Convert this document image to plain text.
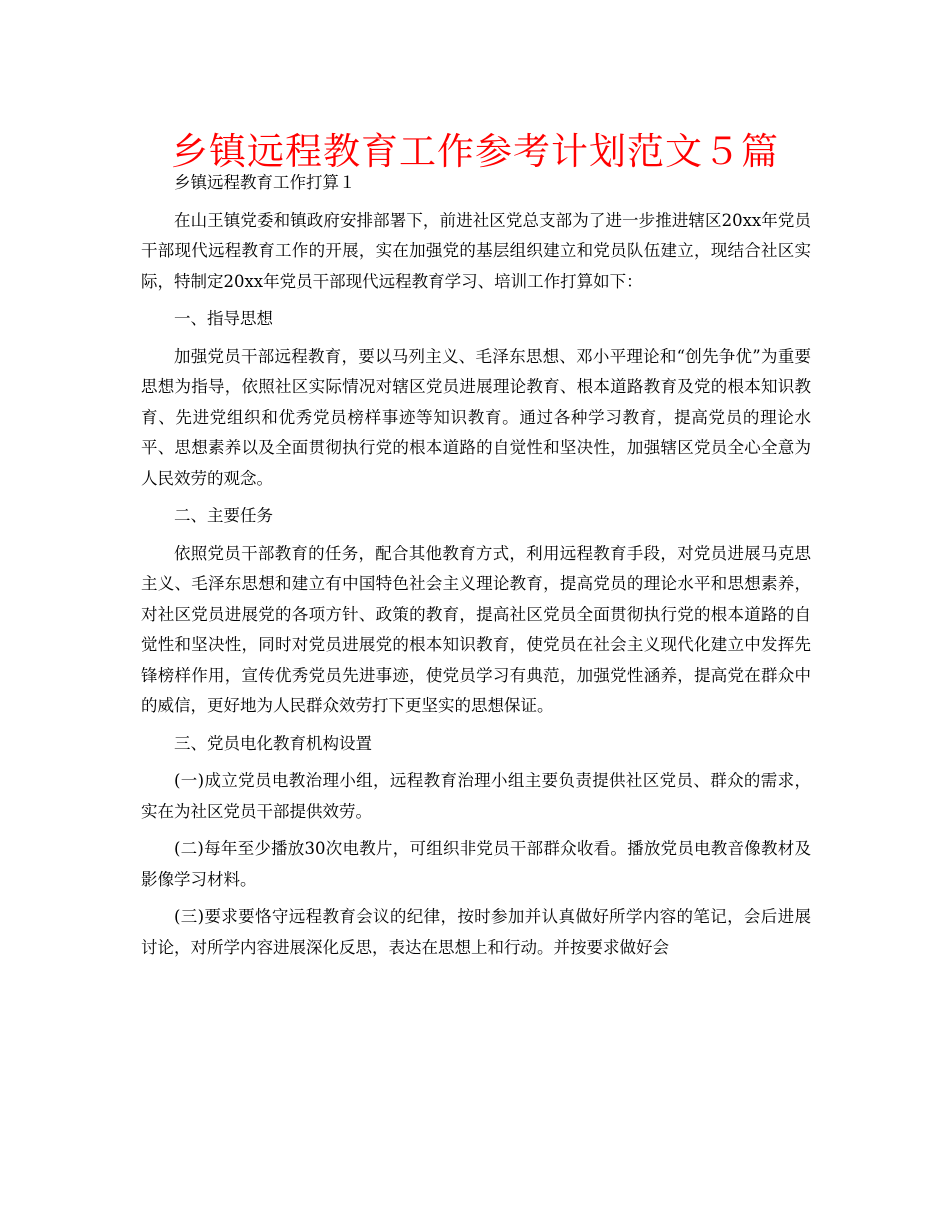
乡镇远程教育工作参考计划范文５篇

乡镇远程教育工作打算１

在山王镇党委和镇政府安排部署下，前进社区党总支部为了进一步推进辖区20xx年党员干部现代远程教育工作的开展，实在加强党的基层组织建立和党员队伍建立，现结合社区实际，特制定20xx年党员干部现代远程教育学习、培训工作打算如下：

一、指导思想

加强党员干部远程教育，要以马列主义、毛泽东思想、邓小平理论和“创先争优”为重要思想为指导，依照社区实际情况对辖区党员进展理论教育、根本道路教育及党的根本知识教育、先进党组织和优秀党员榜样事迹等知识教育。通过各种学习教育，提高党员的理论水平、思想素养以及全面贯彻执行党的根本道路的自觉性和坚决性，加强辖区党员全心全意为人民效劳的观念。

二、主要任务

依照党员干部教育的任务，配合其他教育方式，利用远程教育手段，对党员进展马克思主义、毛泽东思想和建立有中国特色社会主义理论教育，提高党员的理论水平和思想素养，对社区党员进展党的各项方针、政策的教育，提高社区党员全面贯彻执行党的根本道路的自觉性和坚决性，同时对党员进展党的根本知识教育，使党员在社会主义现代化建立中发挥先锋榜样作用，宣传优秀党员先进事迹，使党员学习有典范，加强党性涵养，提高党在群众中的威信，更好地为人民群众效劳打下更坚实的思想保证。

三、党员电化教育机构设置

(一)成立党员电教治理小组，远程教育治理小组主要负责提供社区党员、群众的需求，实在为社区党员干部提供效劳。

(二)每年至少播放30次电教片，可组织非党员干部群众收看。播放党员电教音像教材及影像学习材料。

(三)要求要恪守远程教育会议的纪律，按时参加并认真做好所学内容的笔记，会后进展讨论，对所学内容进展深化反思，表达在思想上和行动。并按要求做好会
